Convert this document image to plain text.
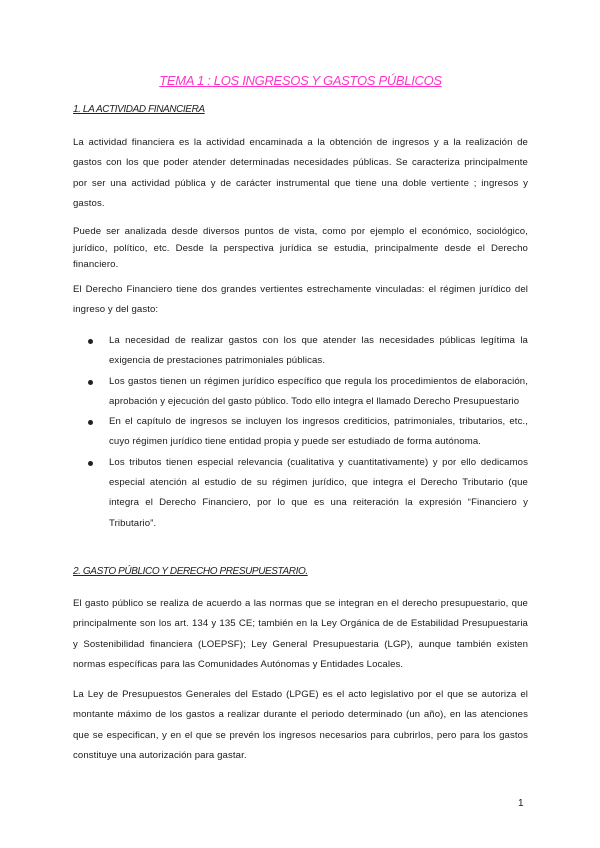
TEMA 1 : LOS INGRESOS Y GASTOS PÚBLICOS
1. LA ACTIVIDAD FINANCIERA
La actividad financiera es la actividad encaminada a la obtención de ingresos y a la realización de gastos con los que poder atender determinadas necesidades públicas. Se caracteriza principalmente por ser una actividad pública y de carácter instrumental que tiene una doble vertiente ; ingresos y gastos.
Puede ser analizada desde diversos puntos de vista, como por ejemplo el económico, sociológico, jurídico, político, etc. Desde la perspectiva jurídica se estudia, principalmente desde el Derecho financiero.
El Derecho Financiero tiene dos grandes vertientes estrechamente vinculadas: el régimen jurídico del ingreso y del gasto:
La necesidad de realizar gastos con los que atender las necesidades públicas legítima la exigencia de prestaciones patrimoniales públicas.
Los gastos tienen un régimen jurídico específico que regula los procedimientos de elaboración, aprobación y ejecución del gasto público. Todo ello integra el llamado Derecho Presupuestario
En el capítulo de ingresos se incluyen los ingresos crediticios, patrimoniales, tributarios, etc., cuyo régimen jurídico tiene entidad propia y puede ser estudiado de forma autónoma.
Los tributos tienen especial relevancia (cualitativa y cuantitativamente) y por ello dedicamos especial atención al estudio de su régimen jurídico, que integra el Derecho Tributario (que integra el Derecho Financiero, por lo que es una reiteración la expresión “Financiero y Tributario”.
2. GASTO PÚBLICO Y DERECHO PRESUPUESTARIO.
El gasto público se realiza de acuerdo a las normas que se integran en el derecho presupuestario, que principalmente son los art. 134 y 135 CE; también en la Ley Orgánica de de Estabilidad Presupuestaria y Sostenibilidad financiera (LOEPSF); Ley General Presupuestaria (LGP), aunque también existen normas específicas para las Comunidades Autónomas y Entidades Locales.
La Ley de Presupuestos Generales del Estado (LPGE) es el acto legislativo por el que se autoriza el montante máximo de los gastos a realizar durante el periodo determinado (un año), en las atenciones que se especifican, y en el que se prevén los ingresos necesarios para cubrirlos, pero para los gastos constituye una autorización para gastar.
1
